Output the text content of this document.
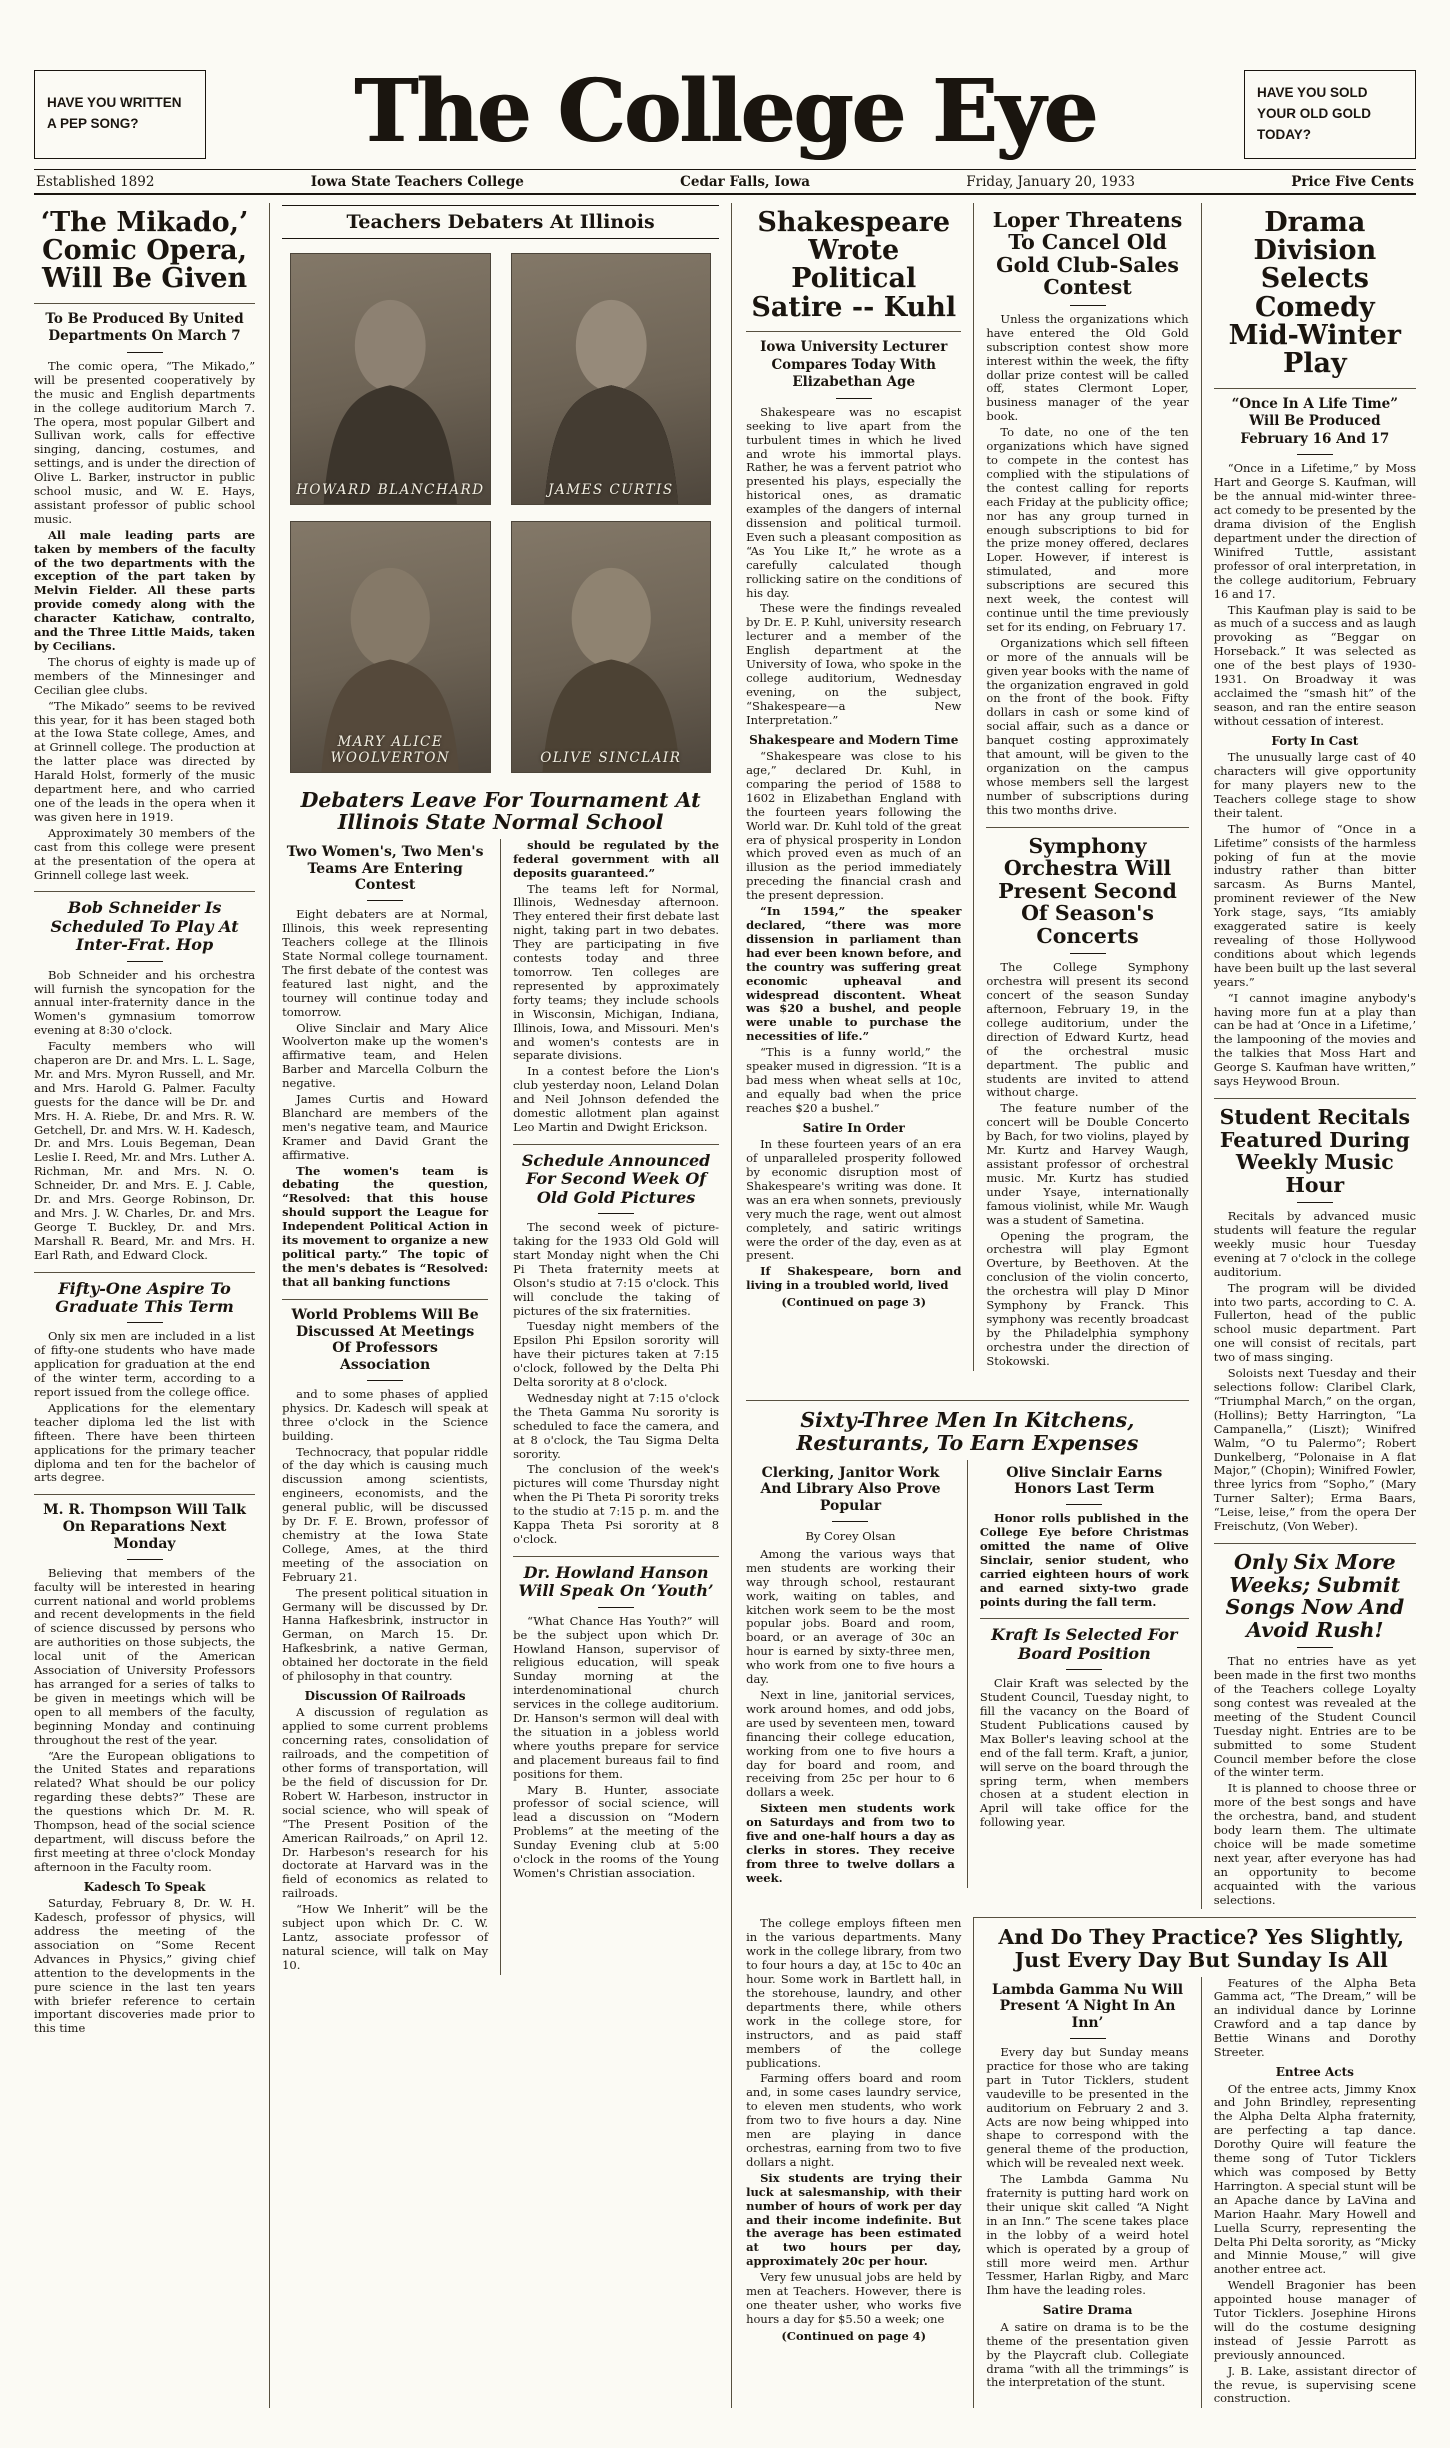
HAVE YOU WRITTEN A PEP SONG?	The College Eye	HAVE YOU SOLD YOUR OLD GOLD TODAY?
Established 1892	Iowa State Teachers College	Cedar Falls, Iowa	Friday, January 20, 1933	Price Five Cents
‘The Mikado,’ Comic Opera, Will Be Given

To Be Produced By United Departments On March 7

The comic opera, “The Mikado,” will be presented cooperatively by the music and English departments in the college auditorium March 7. The opera, most popular Gilbert and Sullivan work, calls for effective singing, dancing, costumes, and settings, and is under the direction of Olive L. Barker, instructor in public school music, and W. E. Hays, assistant professor of public school music.

All male leading parts are taken by members of the faculty of the two departments with the exception of the part taken by Melvin Fielder. All these parts provide comedy along with the character Katichaw, contralto, and the Three Little Maids, taken by Cecilians.

The chorus of eighty is made up of members of the Minnesinger and Cecilian glee clubs.

“The Mikado” seems to be revived this year, for it has been staged both at the Iowa State college, Ames, and at Grinnell college. The production at the latter place was directed by Harald Holst, formerly of the music department here, and who carried one of the leads in the opera when it was given here in 1919.

Approximately 30 members of the cast from this college were present at the presentation of the opera at Grinnell college last week.

Bob Schneider Is Scheduled To Play At Inter-Frat. Hop

Bob Schneider and his orchestra will furnish the syncopation for the annual inter-fraternity dance in the Women's gymnasium tomorrow evening at 8:30 o'clock.

Faculty members who will chaperon are Dr. and Mrs. L. L. Sage, Mr. and Mrs. Myron Russell, and Mr. and Mrs. Harold G. Palmer. Faculty guests for the dance will be Dr. and Mrs. H. A. Riebe, Dr. and Mrs. R. W. Getchell, Dr. and Mrs. W. H. Kadesch, Dr. and Mrs. Louis Begeman, Dean Leslie I. Reed, Mr. and Mrs. Luther A. Richman, Mr. and Mrs. N. O. Schneider, Dr. and Mrs. E. J. Cable, Dr. and Mrs. George Robinson, Dr. and Mrs. J. W. Charles, Dr. and Mrs. George T. Buckley, Dr. and Mrs. Marshall R. Beard, Mr. and Mrs. H. Earl Rath, and Edward Clock.

Fifty-One Aspire To Graduate This Term

Only six men are included in a list of fifty-one students who have made application for graduation at the end of the winter term, according to a report issued from the college office.

Applications for the elementary teacher diploma led the list with fifteen. There have been thirteen applications for the primary teacher diploma and ten for the bachelor of arts degree.

M. R. Thompson Will Talk On Reparations Next Monday

Believing that members of the faculty will be interested in hearing current national and world problems and recent developments in the field of science discussed by persons who are authorities on those subjects, the local unit of the American Association of University Professors has arranged for a series of talks to be given in meetings which will be open to all members of the faculty, beginning Monday and continuing throughout the rest of the year.

“Are the European obligations to the United States and reparations related? What should be our policy regarding these debts?” These are the questions which Dr. M. R. Thompson, head of the social science department, will discuss before the first meeting at three o'clock Monday afternoon in the Faculty room.

Kadesch To Speak

Saturday, February 8, Dr. W. H. Kadesch, professor of physics, will address the meeting of the association on “Some Recent Advances in Physics,” giving chief attention to the developments in the pure science in the last ten years with briefer reference to certain important discoveries made prior to this time

Teachers Debaters At Illinois
HOWARD BLANCHARD	JAMES CURTIS
MARY ALICE WOOLVERTON	OLIVE SINCLAIR
Debaters Leave For Tournament At Illinois State Normal School
Two Women's, Two Men's Teams Are Entering Contest

Eight debaters are at Normal, Illinois, this week representing Teachers college at the Illinois State Normal college tournament. The first debate of the contest was featured last night, and the tourney will continue today and tomorrow.

Olive Sinclair and Mary Alice Woolverton make up the women's affirmative team, and Helen Barber and Marcella Colburn the negative.

James Curtis and Howard Blanchard are members of the men's negative team, and Maurice Kramer and David Grant the affirmative.

The women's team is debating the question, “Resolved: that this house should support the League for Independent Political Action in its movement to organize a new political party.” The topic of the men's debates is “Resolved: that all banking functions

World Problems Will Be Discussed At Meetings Of Professors Association

and to some phases of applied physics. Dr. Kadesch will speak at three o'clock in the Science building.

Technocracy, that popular riddle of the day which is causing much discussion among scientists, engineers, economists, and the general public, will be discussed by Dr. F. E. Brown, professor of chemistry at the Iowa State College, Ames, at the third meeting of the association on February 21.

The present political situation in Germany will be discussed by Dr. Hanna Hafkesbrink, instructor in German, on March 15. Dr. Hafkesbrink, a native German, obtained her doctorate in the field of philosophy in that country.

Discussion Of Railroads

A discussion of regulation as applied to some current problems concerning rates, consolidation of railroads, and the competition of other forms of transportation, will be the field of discussion for Dr. Robert W. Harbeson, instructor in social science, who will speak of “The Present Position of the American Railroads,” on April 12. Dr. Harbeson's research for his doctorate at Harvard was in the field of economics as related to railroads.

“How We Inherit” will be the subject upon which Dr. C. W. Lantz, associate professor of natural science, will talk on May 10.

should be regulated by the federal government with all deposits guaranteed.”

The teams left for Normal, Illinois, Wednesday afternoon. They entered their first debate last night, taking part in two debates. They are participating in five contests today and three tomorrow. Ten colleges are represented by approximately forty teams; they include schools in Wisconsin, Michigan, Indiana, Illinois, Iowa, and Missouri. Men's and women's contests are in separate divisions.

In a contest before the Lion's club yesterday noon, Leland Dolan and Neil Johnson defended the domestic allotment plan against Leo Martin and Dwight Erickson.

Schedule Announced For Second Week Of Old Gold Pictures

The second week of picture-taking for the 1933 Old Gold will start Monday night when the Chi Pi Theta fraternity meets at Olson's studio at 7:15 o'clock. This will conclude the taking of pictures of the six fraternities.

Tuesday night members of the Epsilon Phi Epsilon sorority will have their pictures taken at 7:15 o'clock, followed by the Delta Phi Delta sorority at 8 o'clock.

Wednesday night at 7:15 o'clock the Theta Gamma Nu sorority is scheduled to face the camera, and at 8 o'clock, the Tau Sigma Delta sorority.

The conclusion of the week's pictures will come Thursday night when the Pi Theta Pi sorority treks to the studio at 7:15 p. m. and the Kappa Theta Psi sorority at 8 o'clock.

Dr. Howland Hanson Will Speak On ‘Youth’

“What Chance Has Youth?” will be the subject upon which Dr. Howland Hanson, supervisor of religious education, will speak Sunday morning at the interdenominational church services in the college auditorium. Dr. Hanson's sermon will deal with the situation in a jobless world where youths prepare for service and placement bureaus fail to find positions for them.

Mary B. Hunter, associate professor of social science, will lead a discussion on “Modern Problems” at the meeting of the Sunday Evening club at 5:00 o'clock in the rooms of the Young Women's Christian association.

Shakespeare Wrote Political Satire -- Kuhl

Iowa University Lecturer Compares Today With Elizabethan Age

Shakespeare was no escapist seeking to live apart from the turbulent times in which he lived and wrote his immortal plays. Rather, he was a fervent patriot who presented his plays, especially the historical ones, as dramatic examples of the dangers of internal dissension and political turmoil. Even such a pleasant composition as “As You Like It,” he wrote as a carefully calculated though rollicking satire on the conditions of his day.

These were the findings revealed by Dr. E. P. Kuhl, university research lecturer and a member of the English department at the University of Iowa, who spoke in the college auditorium, Wednesday evening, on the subject, “Shakespeare—a New Interpretation.”

Shakespeare and Modern Time

“Shakespeare was close to his age,” declared Dr. Kuhl, in comparing the period of 1588 to 1602 in Elizabethan England with the fourteen years following the World war. Dr. Kuhl told of the great era of physical prosperity in London which proved even as much of an illusion as the period immediately preceding the financial crash and the present depression.

“In 1594,” the speaker declared, “there was more dissension in parliament than had ever been known before, and the country was suffering great economic upheaval and widespread discontent. Wheat was $20 a bushel, and people were unable to purchase the necessities of life.”

“This is a funny world,” the speaker mused in digression. “It is a bad mess when wheat sells at 10c, and equally bad when the price reaches $20 a bushel.”

Satire In Order

In these fourteen years of an era of unparalleled prosperity followed by economic disruption most of Shakespeare's writing was done. It was an era when sonnets, previously very much the rage, went out almost completely, and satiric writings were the order of the day, even as at present.

If Shakespeare, born and living in a troubled world, lived

(Continued on page 3)

Loper Threatens To Cancel Old Gold Club-Sales Contest

Unless the organizations which have entered the Old Gold subscription contest show more interest within the week, the fifty dollar prize contest will be called off, states Clermont Loper, business manager of the year book.

To date, no one of the ten organizations which have signed to compete in the contest has complied with the stipulations of the contest calling for reports each Friday at the publicity office; nor has any group turned in enough subscriptions to bid for the prize money offered, declares Loper. However, if interest is stimulated, and more subscriptions are secured this next week, the contest will continue until the time previously set for its ending, on February 17.

Organizations which sell fifteen or more of the annuals will be given year books with the name of the organization engraved in gold on the front of the book. Fifty dollars in cash or some kind of social affair, such as a dance or banquet costing approximately that amount, will be given to the organization on the campus whose members sell the largest number of subscriptions during this two months drive.

Symphony Orchestra Will Present Second Of Season's Concerts

The College Symphony orchestra will present its second concert of the season Sunday afternoon, February 19, in the college auditorium, under the direction of Edward Kurtz, head of the orchestral music department. The public and students are invited to attend without charge.

The feature number of the concert will be Double Concerto by Bach, for two violins, played by Mr. Kurtz and Harvey Waugh, assistant professor of orchestral music. Mr. Kurtz has studied under Ysaye, internationally famous violinist, while Mr. Waugh was a student of Sametina.

Opening the program, the orchestra will play Egmont Overture, by Beethoven. At the conclusion of the violin concerto, the orchestra will play D Minor Symphony by Franck. This symphony was recently broadcast by the Philadelphia symphony orchestra under the direction of Stokowski.

Drama Division Selects Comedy Mid-Winter Play

“Once In A Life Time” Will Be Produced February 16 And 17

“Once in a Lifetime,” by Moss Hart and George S. Kaufman, will be the annual mid-winter three-act comedy to be presented by the drama division of the English department under the direction of Winifred Tuttle, assistant professor of oral interpretation, in the college auditorium, February 16 and 17.

This Kaufman play is said to be as much of a success and as laugh provoking as “Beggar on Horseback.” It was selected as one of the best plays of 1930-1931. On Broadway it was acclaimed the “smash hit” of the season, and ran the entire season without cessation of interest.

Forty In Cast

The unusually large cast of 40 characters will give opportunity for many players new to the Teachers college stage to show their talent.

The humor of “Once in a Lifetime” consists of the harmless poking of fun at the movie industry rather than bitter sarcasm. As Burns Mantel, prominent reviewer of the New York stage, says, “Its amiably exaggerated satire is keely revealing of those Hollywood conditions about which legends have been built up the last several years.”

“I cannot imagine anybody's having more fun at a play than can be had at ‘Once in a Lifetime,’ the lampooning of the movies and the talkies that Moss Hart and George S. Kaufman have written,” says Heywood Broun.

Student Recitals Featured During Weekly Music Hour

Recitals by advanced music students will feature the regular weekly music hour Tuesday evening at 7 o'clock in the college auditorium.

The program will be divided into two parts, according to C. A. Fullerton, head of the public school music department. Part one will consist of recitals, part two of mass singing.

Soloists next Tuesday and their selections follow: Claribel Clark, “Triumphal March,” on the organ, (Hollins); Betty Harrington, “La Campanella,” (Liszt); Winifred Walm, “O tu Palermo”; Robert Dunkelberg, “Polonaise in A flat Major,” (Chopin); Winifred Fowler, three lyrics from “Sopho,” (Mary Turner Salter); Erma Baars, “Leise, leise,” from the opera Der Freischutz, (Von Weber).

Only Six More Weeks; Submit Songs Now And Avoid Rush!

That no entries have as yet been made in the first two months of the Teachers college Loyalty song contest was revealed at the meeting of the Student Council Tuesday night. Entries are to be submitted to some Student Council member before the close of the winter term.

It is planned to choose three or more of the best songs and have the orchestra, band, and student body learn them. The ultimate choice will be made sometime next year, after everyone has had an opportunity to become acquainted with the various selections.

Sixty-Three Men In Kitchens, Resturants, To Earn Expenses
Clerking, Janitor Work And Library Also Prove Popular

By Corey Olsan

Among the various ways that men students are working their way through school, restaurant work, waiting on tables, and kitchen work seem to be the most popular jobs. Board and room, board, or an average of 30c an hour is earned by sixty-three men, who work from one to five hours a day.

Next in line, janitorial services, work around homes, and odd jobs, are used by seventeen men, toward financing their college education, working from one to five hours a day for board and room, and receiving from 25c per hour to 6 dollars a week.

Sixteen men students work on Saturdays and from two to five and one-half hours a day as clerks in stores. They receive from three to twelve dollars a week.

Olive Sinclair Earns Honors Last Term

Honor rolls published in the College Eye before Christmas omitted the name of Olive Sinclair, senior student, who carried eighteen hours of work and earned sixty-two grade points during the fall term.

Kraft Is Selected For Board Position

Clair Kraft was selected by the Student Council, Tuesday night, to fill the vacancy on the Board of Student Publications caused by Max Boller's leaving school at the end of the fall term. Kraft, a junior, will serve on the board through the spring term, when members chosen at a student election in April will take office for the following year.

The college employs fifteen men in the various departments. Many work in the college library, from two to four hours a day, at 15c to 40c an hour. Some work in Bartlett hall, in the storehouse, laundry, and other departments there, while others work in the college store, for instructors, and as paid staff members of the college publications.

Farming offers board and room and, in some cases laundry service, to eleven men students, who work from two to five hours a day. Nine men are playing in dance orchestras, earning from two to five dollars a night.

Six students are trying their luck at salesmanship, with their number of hours of work per day and their income indefinite. But the average has been estimated at two hours per day, approximately 20c per hour.

Very few unusual jobs are held by men at Teachers. However, there is one theater usher, who works five hours a day for $5.50 a week; one

(Continued on page 4)

And Do They Practice? Yes Slightly, Just Every Day But Sunday Is All
Lambda Gamma Nu Will Present ‘A Night In An Inn’

Every day but Sunday means practice for those who are taking part in Tutor Ticklers, student vaudeville to be presented in the auditorium on February 2 and 3. Acts are now being whipped into shape to correspond with the general theme of the production, which will be revealed next week.

The Lambda Gamma Nu fraternity is putting hard work on their unique skit called “A Night in an Inn.” The scene takes place in the lobby of a weird hotel which is operated by a group of still more weird men. Arthur Tessmer, Harlan Rigby, and Marc Ihm have the leading roles.

Satire Drama

A satire on drama is to be the theme of the presentation given by the Playcraft club. Collegiate drama “with all the trimmings” is the interpretation of the stunt.

Features of the Alpha Beta Gamma act, “The Dream,” will be an individual dance by Lorinne Crawford and a tap dance by Bettie Winans and Dorothy Streeter.

Entree Acts

Of the entree acts, Jimmy Knox and John Brindley, representing the Alpha Delta Alpha fraternity, are perfecting a tap dance. Dorothy Quire will feature the theme song of Tutor Ticklers which was composed by Betty Harrington. A special stunt will be an Apache dance by LaVina and Marion Haahr. Mary Howell and Luella Scurry, representing the Delta Phi Delta sorority, as “Micky and Minnie Mouse,” will give another entree act.

Wendell Bragonier has been appointed house manager of Tutor Ticklers. Josephine Hirons will do the costume designing instead of Jessie Parrott as previously announced.

J. B. Lake, assistant director of the revue, is supervising scene construction.
